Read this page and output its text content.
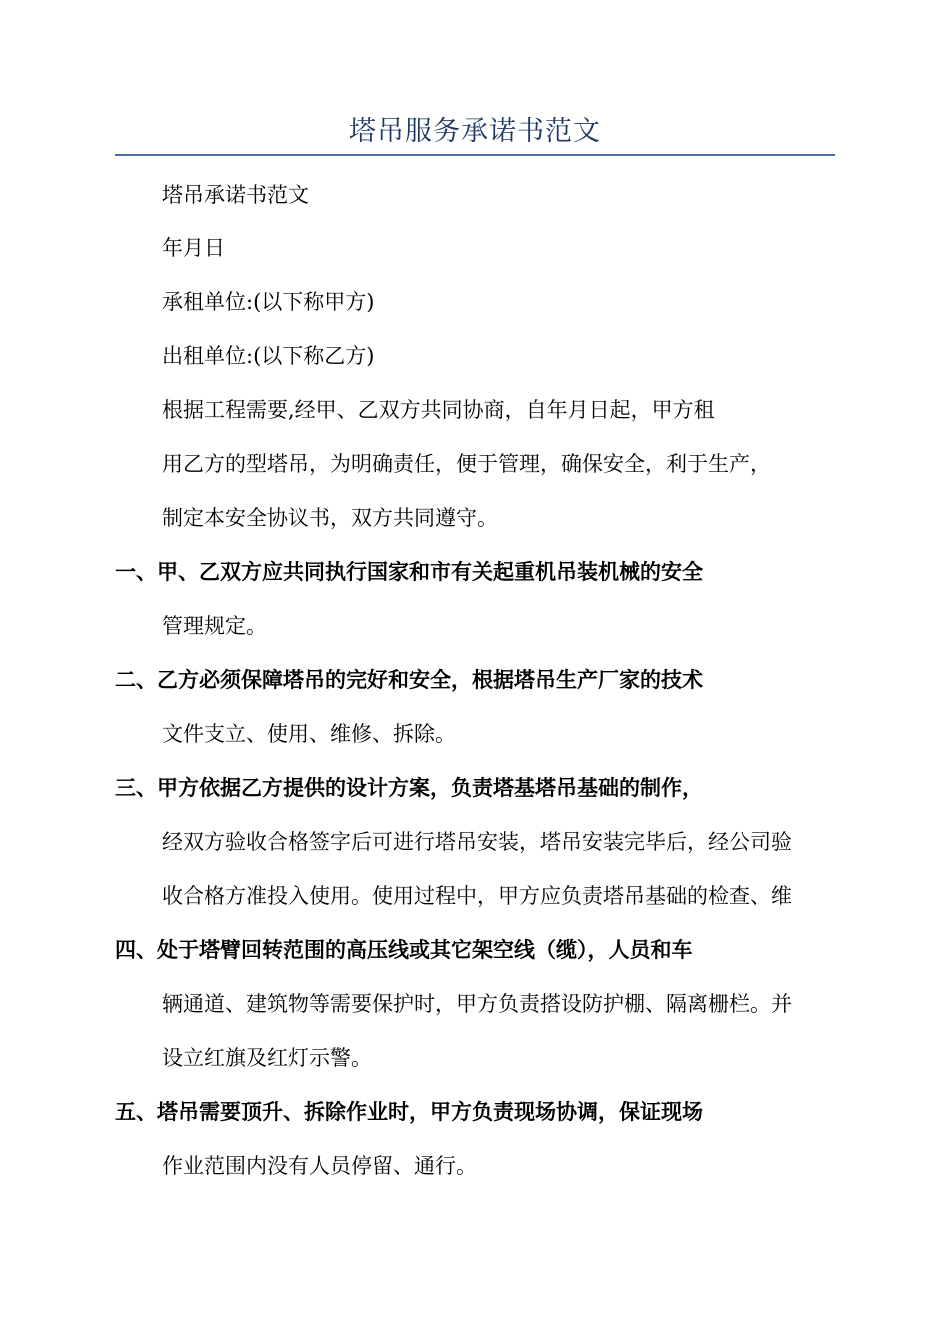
塔吊服务承诺书范文
塔吊承诺书范文
年月日
承租单位:(以下称甲方)
出租单位:(以下称乙方)
根据工程需要,经甲、乙双方共同协商，自年月日起，甲方租
用乙方的型塔吊，为明确责任，便于管理，确保安全，利于生产，
制定本安全协议书，双方共同遵守。
一、甲、乙双方应共同执行国家和市有关起重机吊装机械的安全
管理规定。
二、乙方必须保障塔吊的完好和安全，根据塔吊生产厂家的技术
文件支立、使用、维修、拆除。
三、甲方依据乙方提供的设计方案，负责塔基塔吊基础的制作，
经双方验收合格签字后可进行塔吊安装，塔吊安装完毕后，经公司验
收合格方准投入使用。使用过程中，甲方应负责塔吊基础的检查、维
四、处于塔臂回转范围的高压线或其它架空线（缆），人员和车
辆通道、建筑物等需要保护时，甲方负责搭设防护棚、隔离栅栏。并
设立红旗及红灯示警。
五、塔吊需要顶升、拆除作业时，甲方负责现场协调，保证现场
作业范围内没有人员停留、通行。
